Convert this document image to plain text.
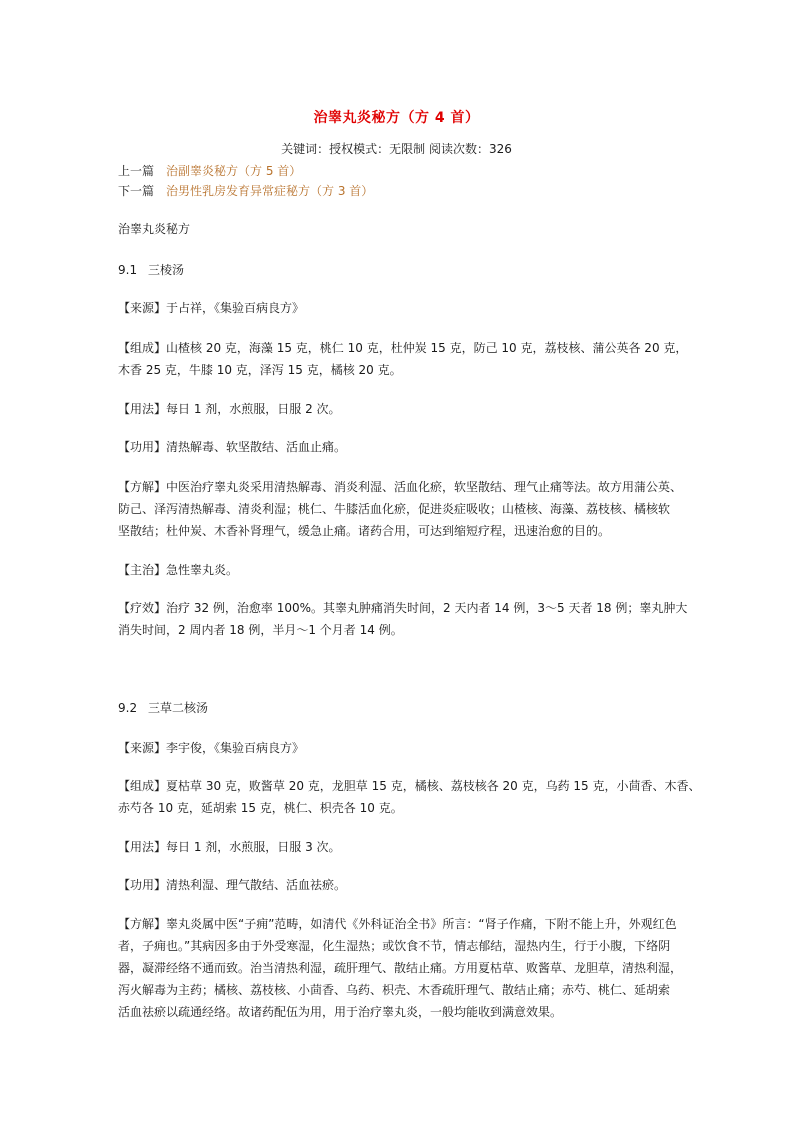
治睾丸炎秘方（方 4 首）
关键词：授权模式：无限制 阅读次数：326
上一篇 治副睾炎秘方（方 5 首）
下一篇 治男性乳房发育异常症秘方（方 3 首）
治睾丸炎秘方
9.1 三棱汤
【来源】于占祥，《集验百病良方》
【组成】山楂核 20 克，海藻 15 克，桃仁 10 克，杜仲炭 15 克，防己 10 克，荔枝核、蒲公英各 20 克，
木香 25 克，牛膝 10 克，泽泻 15 克，橘核 20 克。
【用法】每日 1 剂，水煎服，日服 2 次。
【功用】清热解毒、软坚散结、活血止痛。
【方解】中医治疗睾丸炎采用清热解毒、消炎利湿、活血化瘀，软坚散结、理气止痛等法。故方用蒲公英、
防己、泽泻清热解毒、清炎利湿；桃仁、牛膝活血化瘀，促进炎症吸收；山楂核、海藻、荔枝核、橘核软
坚散结；杜仲炭、木香补肾理气，缓急止痛。诸药合用，可达到缩短疗程，迅速治愈的目的。
【主治】急性睾丸炎。
【疗效】治疗 32 例，治愈率 100%。其睾丸肿痛消失时间，2 天内者 14 例，3～5 天者 18 例；睾丸肿大
消失时间，2 周内者 18 例，半月～1 个月者 14 例。
9.2 三草二核汤
【来源】李宇俊，《集验百病良方》
【组成】夏枯草 30 克，败酱草 20 克，龙胆草 15 克，橘核、荔枝核各 20 克，乌药 15 克，小茴香、木香、
赤芍各 10 克，延胡索 15 克，桃仁、枳壳各 10 克。
【用法】每日 1 剂，水煎服，日服 3 次。
【功用】清热利湿、理气散结、活血祛瘀。
【方解】睾丸炎属中医“子痈”范畴，如清代《外科证治全书》所言：“肾子作痛，下附不能上升，外观红色
者，子痈也。”其病因多由于外受寒湿，化生湿热；或饮食不节，情志郁结，湿热内生，行于小腹，下络阴
器，凝滞经络不通而致。治当清热利湿，疏肝理气、散结止痛。方用夏枯草、败酱草、龙胆草，清热利湿，
泻火解毒为主药；橘核、荔枝核、小茴香、乌药、枳壳、木香疏肝理气、散结止痛；赤芍、桃仁、延胡索
活血祛瘀以疏通经络。故诸药配伍为用，用于治疗睾丸炎，一般均能收到满意效果。
